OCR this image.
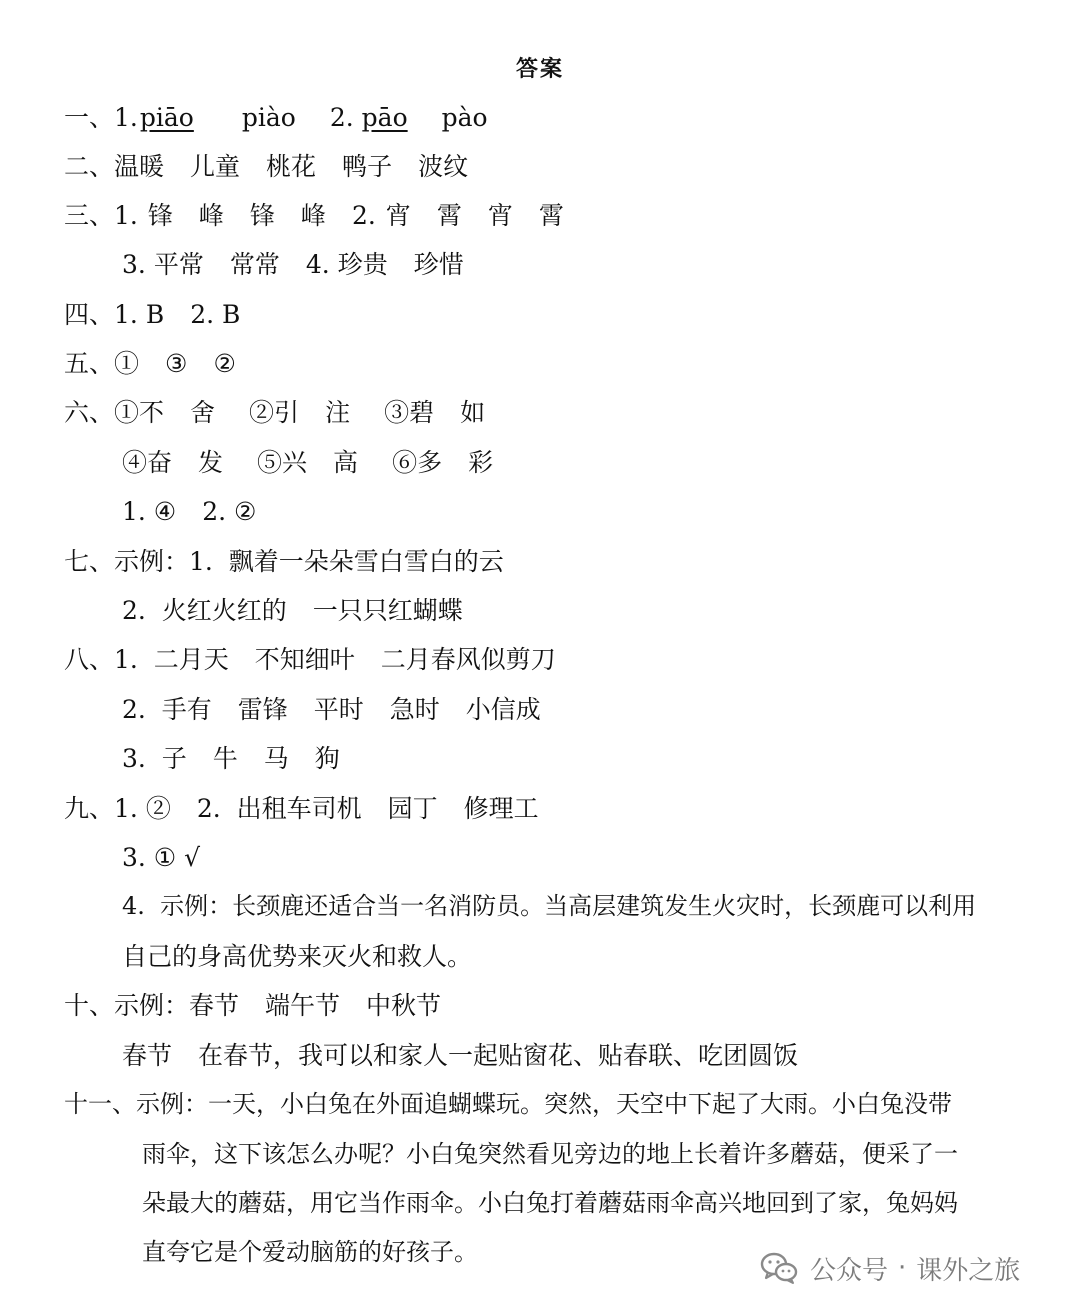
答案
一、1.piāo piào 2. pāo pào
二、温暖 儿童 桃花 鸭子 波纹
三、1. 锋 峰 锋 峰 2. 宵 霄 宵 霄
3. 平常 常常 4. 珍贵 珍惜
四、1. B 2. B
五、① ③ ②
六、①不 舍 ②引 注 ③碧 如
④奋 发 ⑤兴 高 ⑥多 彩
1. ④ 2. ②
七、示例：1.  飘着一朵朵雪白雪白的云
2.  火红火红的 一只只红蝴蝶
八、1.  二月天 不知细叶 二月春风似剪刀
2.  手有 雷锋 平时 急时 小信成
3.  子 牛 马 狗
九、1. ② 2.  出租车司机 园丁 修理工
3. ① √
4.  示例：长颈鹿还适合当一名消防员。当高层建筑发生火灾时，长颈鹿可以利用
自己的身高优势来灭火和救人。
十、示例：春节 端午节 中秋节
春节 在春节，我可以和家人一起贴窗花、贴春联、吃团圆饭
十一、示例：一天，小白兔在外面追蝴蝶玩。突然，天空中下起了大雨。小白兔没带
雨伞，这下该怎么办呢？小白兔突然看见旁边的地上长着许多蘑菇，便采了一
朵最大的蘑菇，用它当作雨伞。小白兔打着蘑菇雨伞高兴地回到了家，兔妈妈
直夸它是个爱动脑筋的好孩子。
公众号 · 课外之旅
